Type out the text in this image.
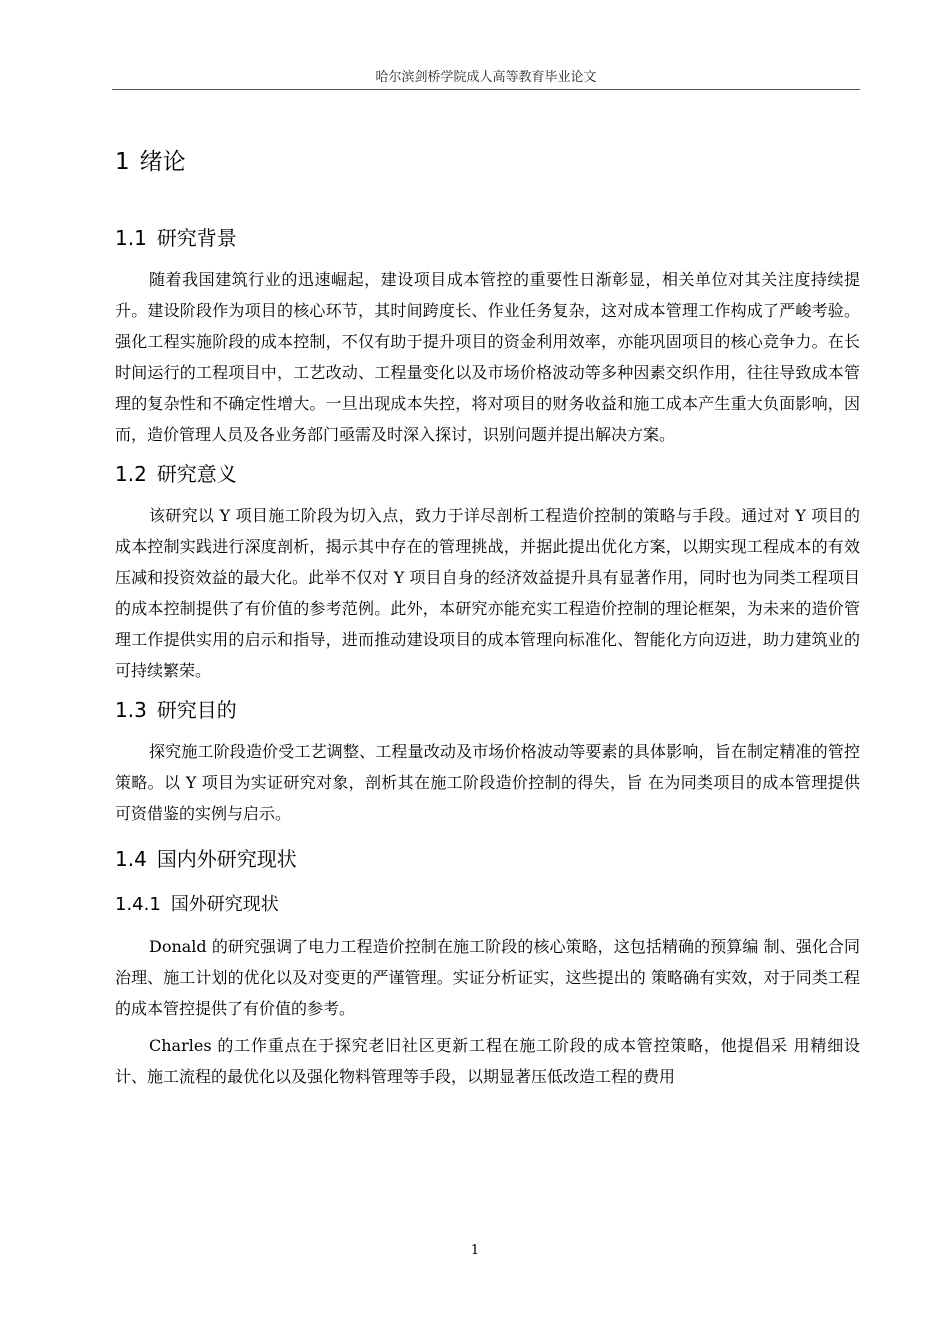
哈尔滨剑桥学院成人高等教育毕业论文
1 绪论
1.1 研究背景

随着我国建筑行业的迅速崛起，建设项目成本管控的重要性日渐彰显，相关单位对其关注度持续提升。建设阶段作为项目的核心环节，其时间跨度长、作业任务复杂，这对成本管理工作构成了严峻考验。强化工程实施阶段的成本控制，不仅有助于提升项目的资金利用效率，亦能巩固项目的核心竞争力。在长时间运行的工程项目中，工艺改动、工程量变化以及市场价格波动等多种因素交织作用，往往导致成本管理的复杂性和不确定性增大。一旦出现成本失控，将对项目的财务收益和施工成本产生重大负面影响，因而，造价管理人员及各业务部门亟需及时深入探讨，识别问题并提出解决方案。

1.2 研究意义

该研究以 Y 项目施工阶段为切入点，致力于详尽剖析工程造价控制的策略与手段。通过对 Y 项目的成本控制实践进行深度剖析，揭示其中存在的管理挑战，并据此提出优化方案，以期实现工程成本的有效压减和投资效益的最大化。此举不仅对 Y 项目自身的经济效益提升具有显著作用，同时也为同类工程项目的成本控制提供了有价值的参考范例。此外，本研究亦能充实工程造价控制的理论框架，为未来的造价管理工作提供实用的启示和指导，进而推动建设项目的成本管理向标准化、智能化方向迈进，助力建筑业的可持续繁荣。

1.3 研究目的

探究施工阶段造价受工艺调整、工程量改动及市场价格波动等要素的具体影响，旨在制定精准的管控策略。以 Y 项目为实证研究对象，剖析其在施工阶段造价控制的得失，旨 在为同类项目的成本管理提供可资借鉴的实例与启示。

1.4 国内外研究现状
1.4.1 国外研究现状

Donald 的研究强调了电力工程造价控制在施工阶段的核心策略，这包括精确的预算编 制、强化合同治理、施工计划的优化以及对变更的严谨管理。实证分析证实，这些提出的 策略确有实效，对于同类工程的成本管控提供了有价值的参考。

Charles 的工作重点在于探究老旧社区更新工程在施工阶段的成本管控策略，他提倡采 用精细设计、施工流程的最优化以及强化物料管理等手段，以期显著压低改造工程的费用

1
